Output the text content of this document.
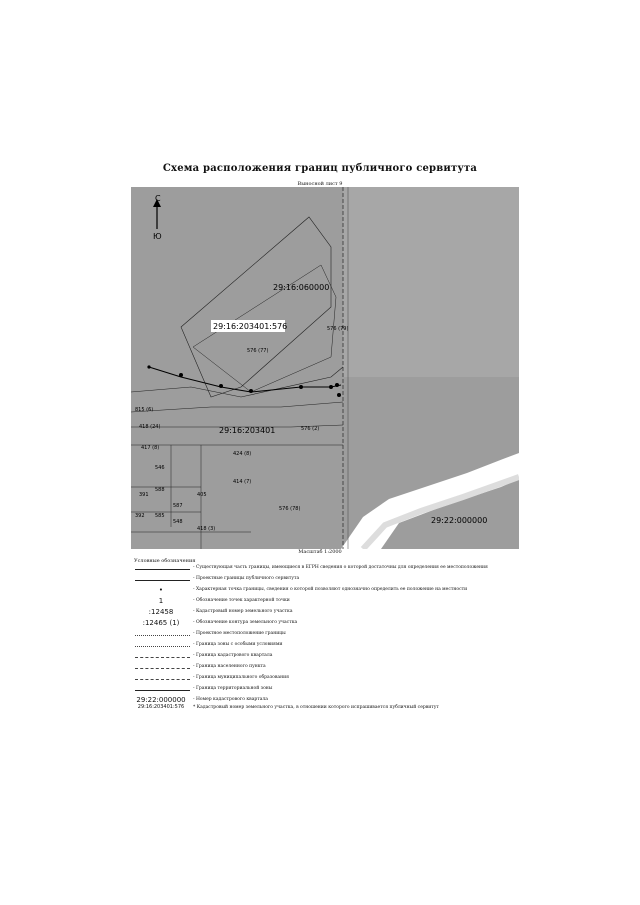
Схема расположения границ публичного сервитута
Выносной лист 9
С
Ю
29:16:060000
29:16:203401:576
29:16:203401
29:22:000000
576 (79)
576 (77)
576 (2)
576 (78)
815 (6)
418 (24)
417 (8)
414 (7)
424 (8)
405
391
588
587
392 585
418 (3)
546
548
Масштаб 1:2000
Условные обозначения
- Существующая часть границы, имеющиеся в ЕГРН сведения о которой достаточны для определения ее местоположения
- Проектные границы публичного сервитута
•	- Характерная точка границы, сведения о которой позволяют однозначно определить ее положение на местности
1	- Обозначение точек характерной точки
:12458	- Кадастровый номер земельного участка
:12465 (1)	- Обозначение контура земельного участка
- Проектное местоположение границы
- Граница зоны с особыми условиями
- Граница кадастрового квартала
- Граница населенного пункта
- Граница муниципального образования
- Граница территориальной зоны
29:22:000000	- Номер кадастрового квартала
29:16:203401:576	* Кадастровый номер земельного участка, в отношении которого испрашивается публичный сервитут
